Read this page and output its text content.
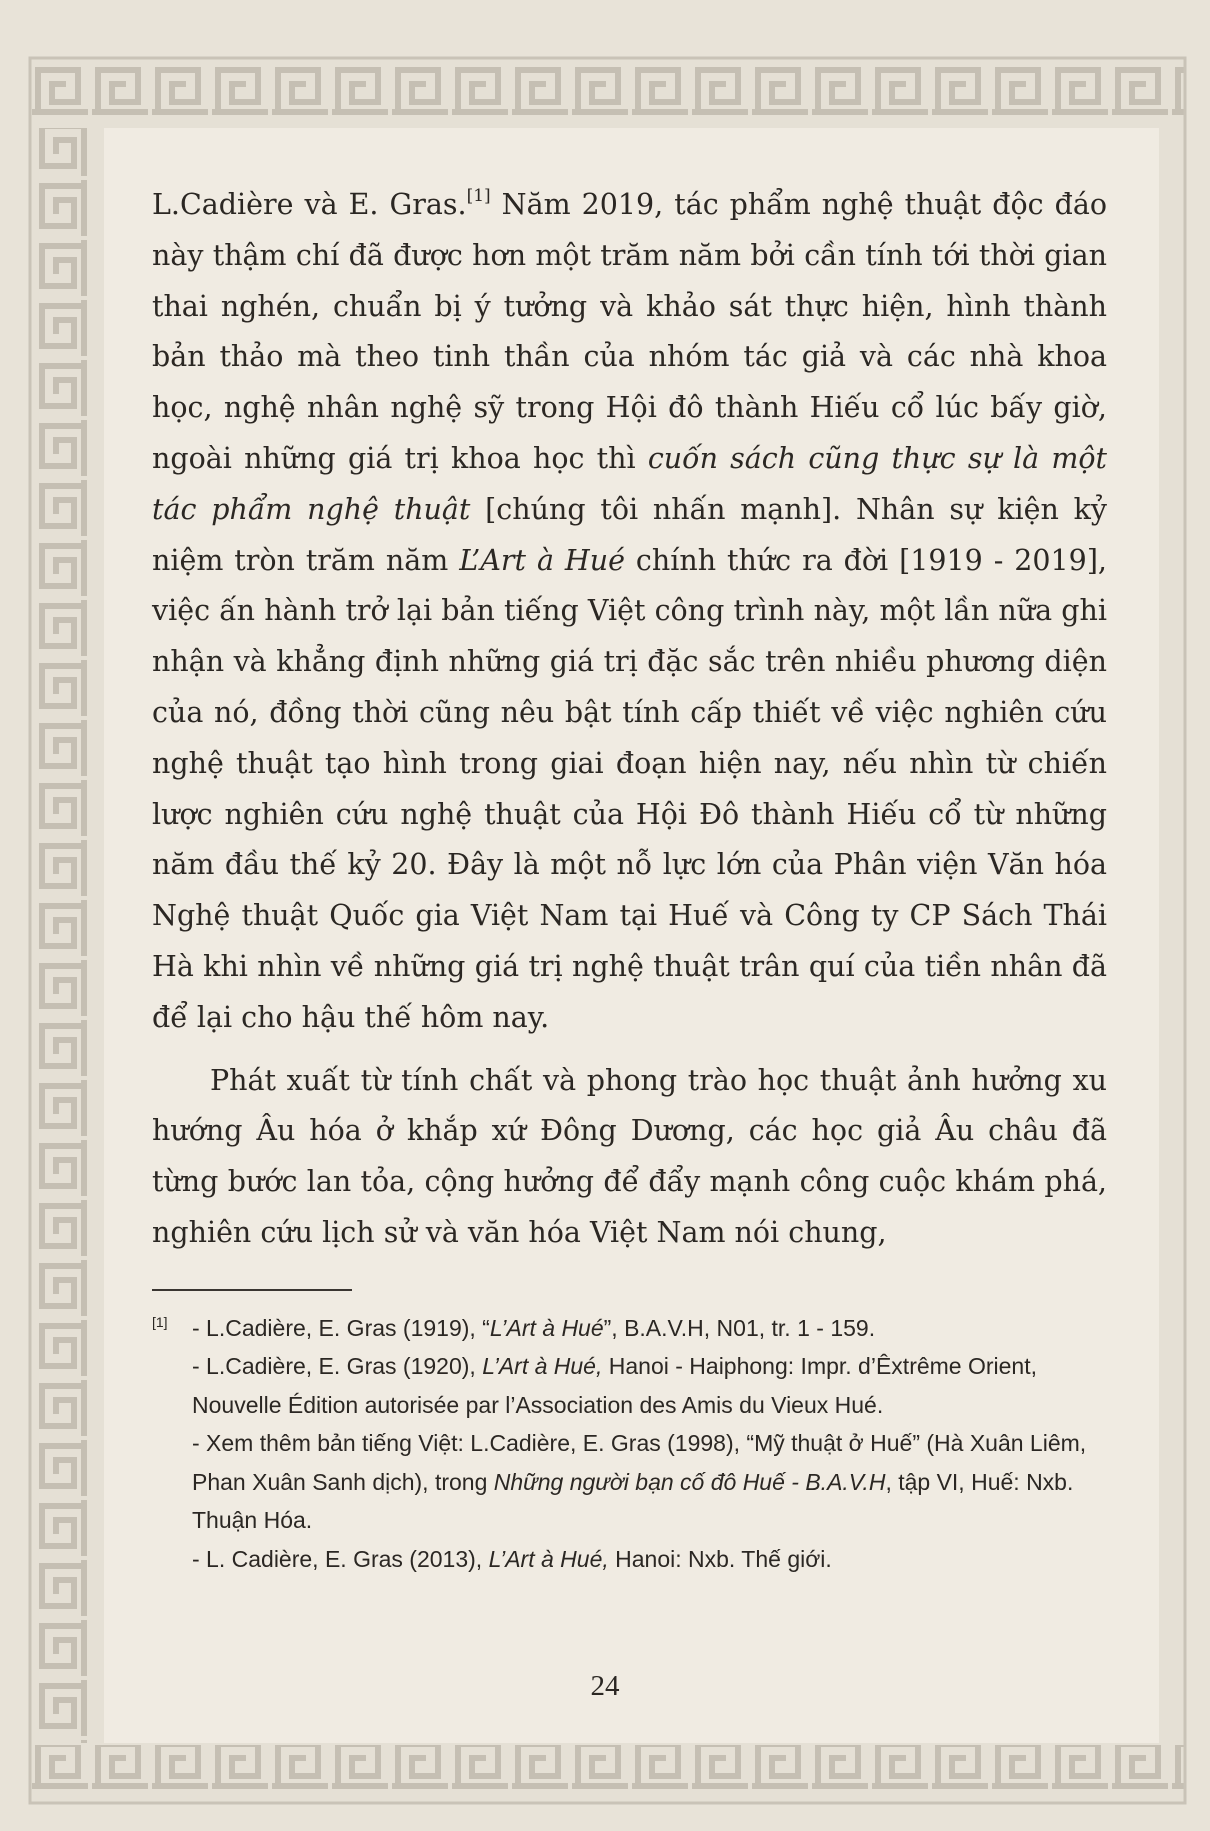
L.Cadière và E. Gras.[1] Năm 2019, tác phẩm nghệ thuật độc đáo này thậm chí đã được hơn một trăm năm bởi cần tính tới thời gian thai nghén, chuẩn bị ý tưởng và khảo sát thực hiện, hình thành bản thảo mà theo tinh thần của nhóm tác giả và các nhà khoa học, nghệ nhân nghệ sỹ trong Hội đô thành Hiếu cổ lúc bấy giờ, ngoài những giá trị khoa học thì cuốn sách cũng thực sự là một tác phẩm nghệ thuật [chúng tôi nhấn mạnh]. Nhân sự kiện kỷ niệm tròn trăm năm L’Art à Hué chính thức ra đời [1919 - 2019], việc ấn hành trở lại bản tiếng Việt công trình này, một lần nữa ghi nhận và khẳng định những giá trị đặc sắc trên nhiều phương diện của nó, đồng thời cũng nêu bật tính cấp thiết về việc nghiên cứu nghệ thuật tạo hình trong giai đoạn hiện nay, nếu nhìn từ chiến lược nghiên cứu nghệ thuật của Hội Đô thành Hiếu cổ từ những năm đầu thế kỷ 20. Đây là một nỗ lực lớn của Phân viện Văn hóa Nghệ thuật Quốc gia Việt Nam tại Huế và Công ty CP Sách Thái Hà khi nhìn về những giá trị nghệ thuật trân quí của tiền nhân đã để lại cho hậu thế hôm nay.

Phát xuất từ tính chất và phong trào học thuật ảnh hưởng xu hướng Âu hóa ở khắp xứ Đông Dương, các học giả Âu châu đã từng bước lan tỏa, cộng hưởng để đẩy mạnh công cuộc khám phá, nghiên cứu lịch sử và văn hóa Việt Nam nói chung,

[1] - L.Cadière, E. Gras (1919), “L’Art à Hué”, B.A.V.H, N01, tr. 1 - 159.

- L.Cadière, E. Gras (1920), L’Art à Hué, Hanoi - Haiphong: Impr. d’Êxtrême Orient, Nouvelle Édition autorisée par l’Association des Amis du Vieux Hué.

- Xem thêm bản tiếng Việt: L.Cadière, E. Gras (1998), “Mỹ thuật ở Huế” (Hà Xuân Liêm, Phan Xuân Sanh dịch), trong Những người bạn cố đô Huế - B.A.V.H, tập VI, Huế: Nxb. Thuận Hóa.

- L. Cadière, E. Gras (2013), L’Art à Hué, Hanoi: Nxb. Thế giới.

24
